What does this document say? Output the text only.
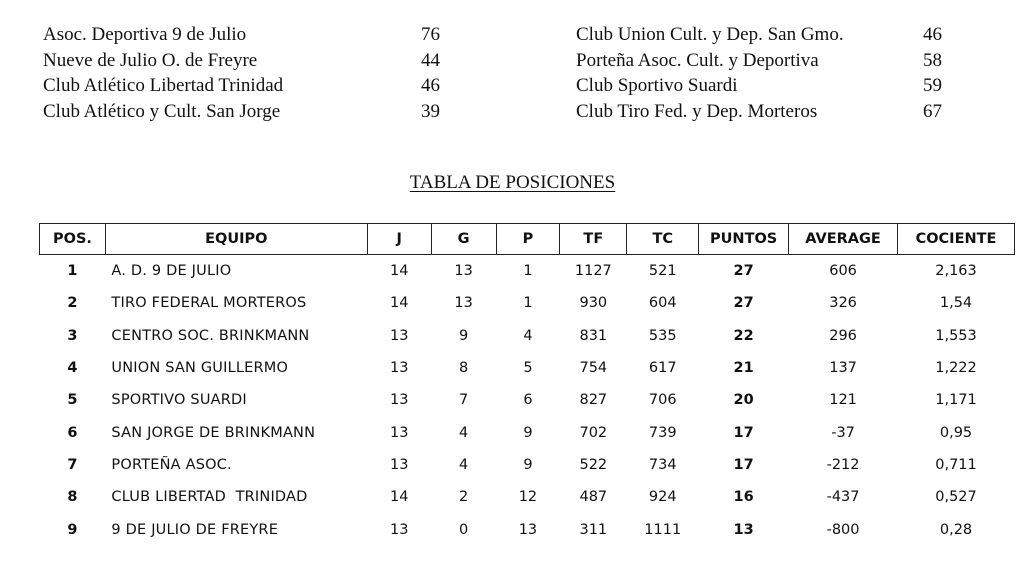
Asoc. Deportiva 9 de Julio	76
Nueve de Julio O. de Freyre	44
Club Atlético Libertad Trinidad	46
Club Atlético y Cult. San Jorge	39
Club Union Cult. y Dep. San Gmo.	46
Porteña Asoc. Cult. y Deportiva	58
Club Sportivo Suardi	59
Club Tiro Fed. y Dep. Morteros	67
TABLA DE POSICIONES
POS.	EQUIPO	J	G	P	TF	TC	PUNTOS	AVERAGE	COCIENTE
1	A. D. 9 DE JULIO	14	13	1	1127	521	27	606	2,163
2	TIRO FEDERAL MORTEROS	14	13	1	930	604	27	326	1,54
3	CENTRO SOC. BRINKMANN	13	9	4	831	535	22	296	1,553
4	UNION SAN GUILLERMO	13	8	5	754	617	21	137	1,222
5	SPORTIVO SUARDI	13	7	6	827	706	20	121	1,171
6	SAN JORGE DE BRINKMANN	13	4	9	702	739	17	-37	0,95
7	PORTEÑA ASOC.	13	4	9	522	734	17	-212	0,711
8	CLUB LIBERTAD  TRINIDAD	14	2	12	487	924	16	-437	0,527
9	9 DE JULIO DE FREYRE	13	0	13	311	1111	13	-800	0,28
